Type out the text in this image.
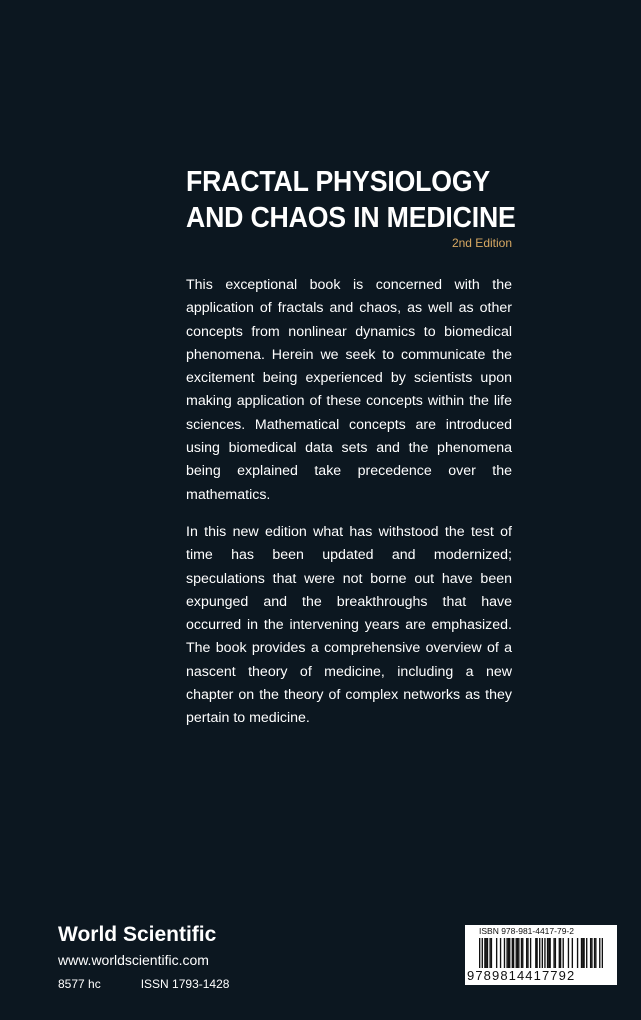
FRACTAL PHYSIOLOGY
AND CHAOS IN MEDICINE
2nd Edition

This exceptional book is concerned with the application of fractals and chaos, as well as other concepts from nonlinear dynamics to biomedical phenomena. Herein we seek to communicate the excitement being experienced by scientists upon making application of these concepts within the life sciences. Mathematical concepts are introduced using biomedical data sets and the phenomena being explained take precedence over the mathematics.

In this new edition what has withstood the test of time has been updated and modernized; speculations that were not borne out have been expunged and the breakthroughs that have occurred in the intervening years are emphasized. The book provides a comprehensive overview of a nascent theory of medicine, including a new chapter on the theory of complex networks as they pertain to medicine.

World Scientific
www.worldscientific.com
8577 hc	ISSN 1793-1428
ISBN 978-981-4417-79-2
9789814417792
